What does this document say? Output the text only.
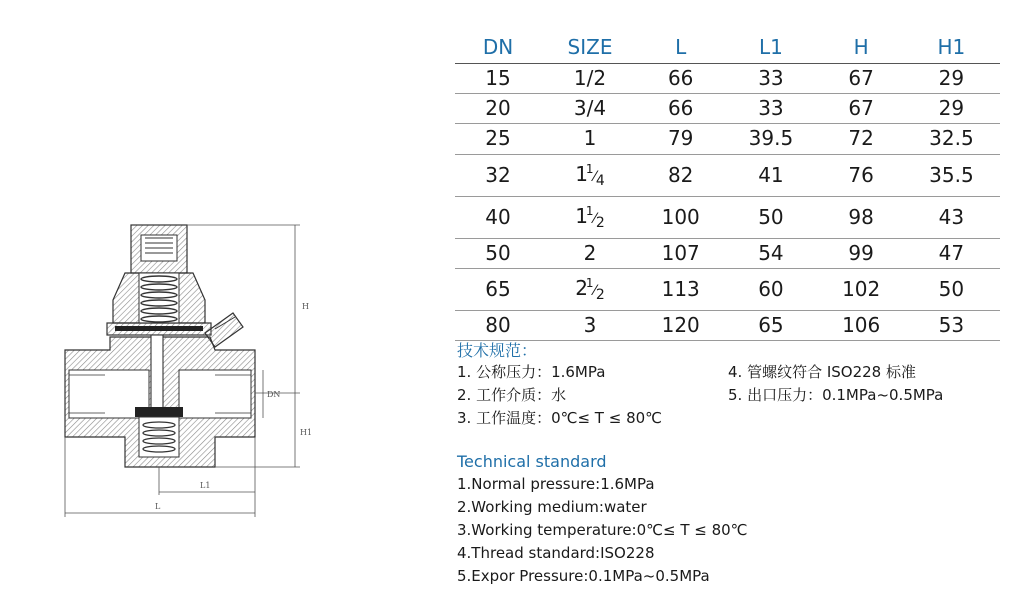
H
H1
DN
L1
L
DN	SIZE	L	L1	H	H1
15	1/2	66	33	67	29
20	3/4	66	33	67	29
25	1	79	39.5	72	32.5
32	$1^1⁄_4$	82	41	76	35.5
40	$1^1⁄_2$	100	50	98	43
50	2	107	54	99	47
65	$2^1⁄_2$	113	60	102	50
80	3	120	65	106	53
技术规范：
1. 公称压力：1.6MPa
2. 工作介质：水
3. 工作温度：0℃≤ T ≤ 80℃
4. 管螺纹符合 ISO228 标准
5. 出口压力：0.1MPa~0.5MPa
Technical standard
1.Normal pressure:1.6MPa
2.Working medium:water
3.Working temperature:0℃≤ T ≤ 80℃
4.Thread standard:ISO228
5.Expor Pressure:0.1MPa~0.5MPa
